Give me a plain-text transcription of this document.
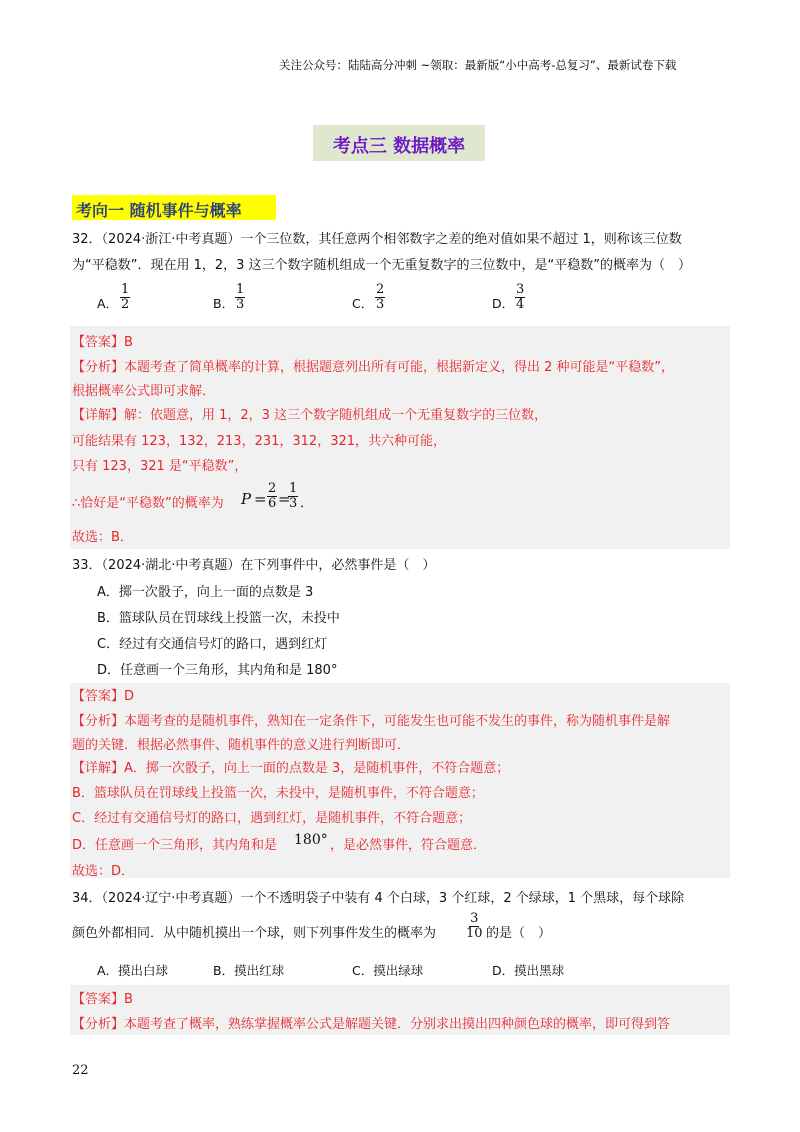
关注公众号：陆陆高分冲刺 ~领取：最新版“小中高考-总复习”、最新试卷下载
考点三 数据概率
考向一 随机事件与概率
32．（2024·浙江·中考真题）一个三位数，其任意两个相邻数字之差的绝对值如果不超过 1，则称该三位数
为“平稳数”．现在用 1，2，3 这三个数字随机组成一个无重复数字的三位数中，是“平稳数”的概率为（　）
A． $\frac{1}{2}$	B． $\frac{1}{3}$	C． $\frac{2}{3}$	D． $\frac{3}{4}$
【答案】B
【分析】本题考查了简单概率的计算，根据题意列出所有可能，根据新定义，得出 2 种可能是“平稳数”，
根据概率公式即可求解．
【详解】解：依题意，用 1，2，3 这三个数字随机组成一个无重复数字的三位数，
可能结果有 123，132，213，231，312，321，共六种可能，
只有 123，321 是“平稳数”，
∴恰好是“平稳数”的概率为 $P = \frac{2}{6}$ =
$\frac{1}{3}$ ．
故选：B．
33．（2024·湖北·中考真题）在下列事件中，必然事件是（　）
A．掷一次骰子，向上一面的点数是 3
B．篮球队员在罚球线上投篮一次，未投中
C．经过有交通信号灯的路口，遇到红灯
D．任意画一个三角形，其内角和是 180°
【答案】D
【分析】本题考查的是随机事件，熟知在一定条件下，可能发生也可能不发生的事件，称为随机事件是解
题的关键．根据必然事件、随机事件的意义进行判断即可．
【详解】A．掷一次骰子，向上一面的点数是 3，是随机事件，不符合题意；
B．篮球队员在罚球线上投篮一次，未投中，是随机事件，不符合题意；
C．经过有交通信号灯的路口，遇到红灯，是随机事件，不符合题意；
D．任意画一个三角形，其内角和是 180° ，是必然事件，符合题意．
故选：D．
34．（2024·辽宁·中考真题）一个不透明袋子中装有 4 个白球，3 个红球，2 个绿球，1 个黑球，每个球除
颜色外都相同．从中随机摸出一个球，则下列事件发生的概率为 $\frac{3}{10}$ 的是（　）
A．摸出白球	B．摸出红球	C．摸出绿球	D．摸出黑球
【答案】B
【分析】本题考查了概率，熟练掌握概率公式是解题关键．分别求出摸出四种颜色球的概率，即可得到答
22
